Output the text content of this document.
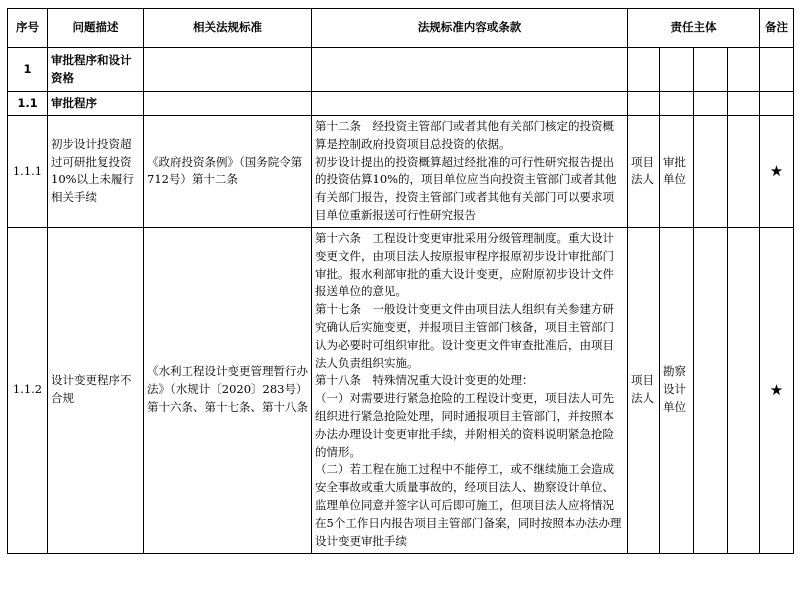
序号	问题描述	相关法规标准	法规标准内容或条款	责任主体				备注
1	审批程序和设计资格							
1.1	审批程序							
1.1.1	初步设计投资超过可研批复投资10%以上未履行相关手续	《政府投资条例》（国务院令第712号）第十二条	第十二条　经投资主管部门或者其他有关部门核定的投资概算是控制政府投资项目总投资的依据。

初步设计提出的投资概算超过经批准的可行性研究报告提出的投资估算10%的，项目单位应当向投资主管部门或者其他有关部门报告，投资主管部门或者其他有关部门可以要求项目单位重新报送可行性研究报告	项目法人	审批单位			★
1.1.2	设计变更程序不合规	《水利工程设计变更管理暂行办法》（水规计〔2020〕283号）第十六条、第十七条、第十八条	第十六条　工程设计变更审批采用分级管理制度。重大设计变更文件，由项目法人按原报审程序报原初步设计审批部门审批。报水利部审批的重大设计变更，应附原初步设计文件报送单位的意见。

第十七条　一般设计变更文件由项目法人组织有关参建方研究确认后实施变更，并报项目主管部门核备，项目主管部门认为必要时可组织审批。设计变更文件审查批准后，由项目法人负责组织实施。

第十八条　特殊情况重大设计变更的处理：

（一）对需要进行紧急抢险的工程设计变更，项目法人可先组织进行紧急抢险处理，同时通报项目主管部门，并按照本办法办理设计变更审批手续，并附相关的资料说明紧急抢险的情形。

（二）若工程在施工过程中不能停工，或不继续施工会造成安全事故或重大质量事故的，经项目法人、勘察设计单位、监理单位同意并签字认可后即可施工，但项目法人应将情况在5个工作日内报告项目主管部门备案，同时按照本办法办理设计变更审批手续	项目法人	勘察设计单位			★
